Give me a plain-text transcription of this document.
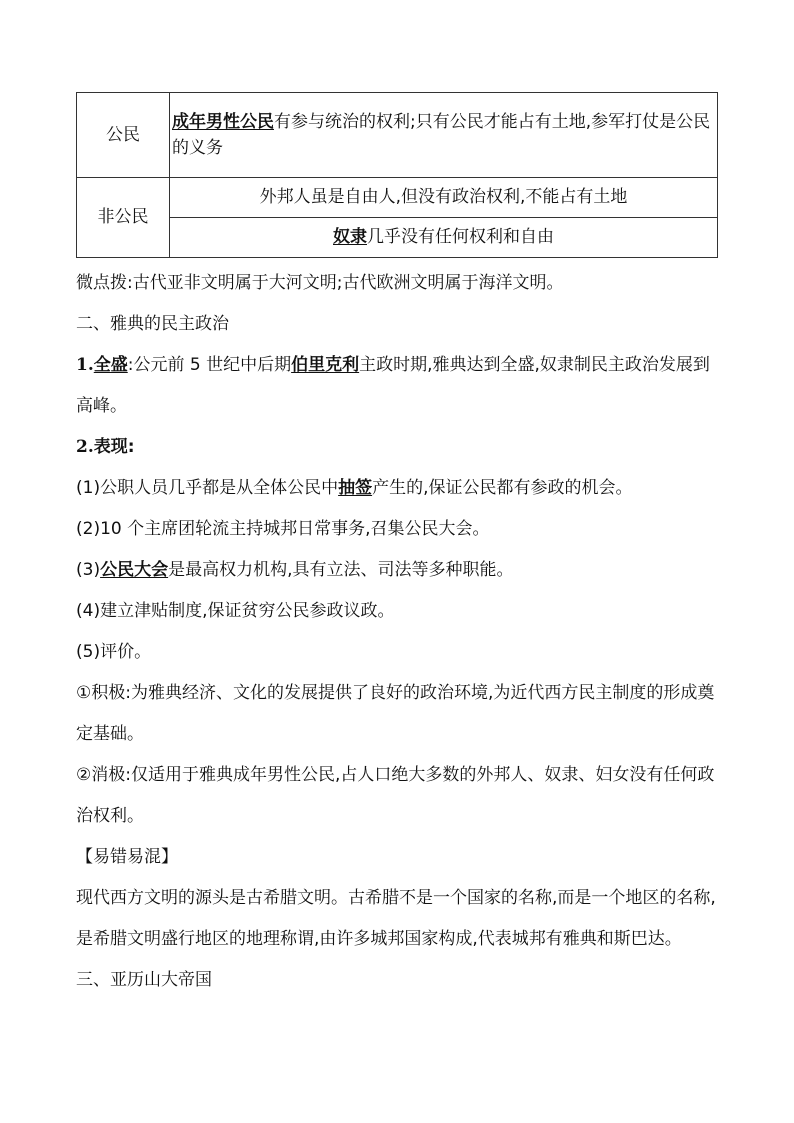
公民	成年男性公民有参与统治的权利;只有公民才能占有土地,参军打仗是公民的义务
非公民	外邦人虽是自由人,但没有政治权利,不能占有土地
	奴隶几乎没有任何权利和自由

微点拨:古代亚非文明属于大河文明;古代欧洲文明属于海洋文明。

二、雅典的民主政治

1.全盛:公元前 5 世纪中后期伯里克利主政时期,雅典达到全盛,奴隶制民主政治发展到高峰。

2.表现:

(1)公职人员几乎都是从全体公民中抽签产生的,保证公民都有参政的机会。

(2)10 个主席团轮流主持城邦日常事务,召集公民大会。

(3)公民大会是最高权力机构,具有立法、司法等多种职能。

(4)建立津贴制度,保证贫穷公民参政议政。

(5)评价。

①积极:为雅典经济、文化的发展提供了良好的政治环境,为近代西方民主制度的形成奠定基础。

②消极:仅适用于雅典成年男性公民,占人口绝大多数的外邦人、奴隶、妇女没有任何政治权利。

【易错易混】

现代西方文明的源头是古希腊文明。古希腊不是一个国家的名称,而是一个地区的名称,是希腊文明盛行地区的地理称谓,由许多城邦国家构成,代表城邦有雅典和斯巴达。

三、亚历山大帝国
